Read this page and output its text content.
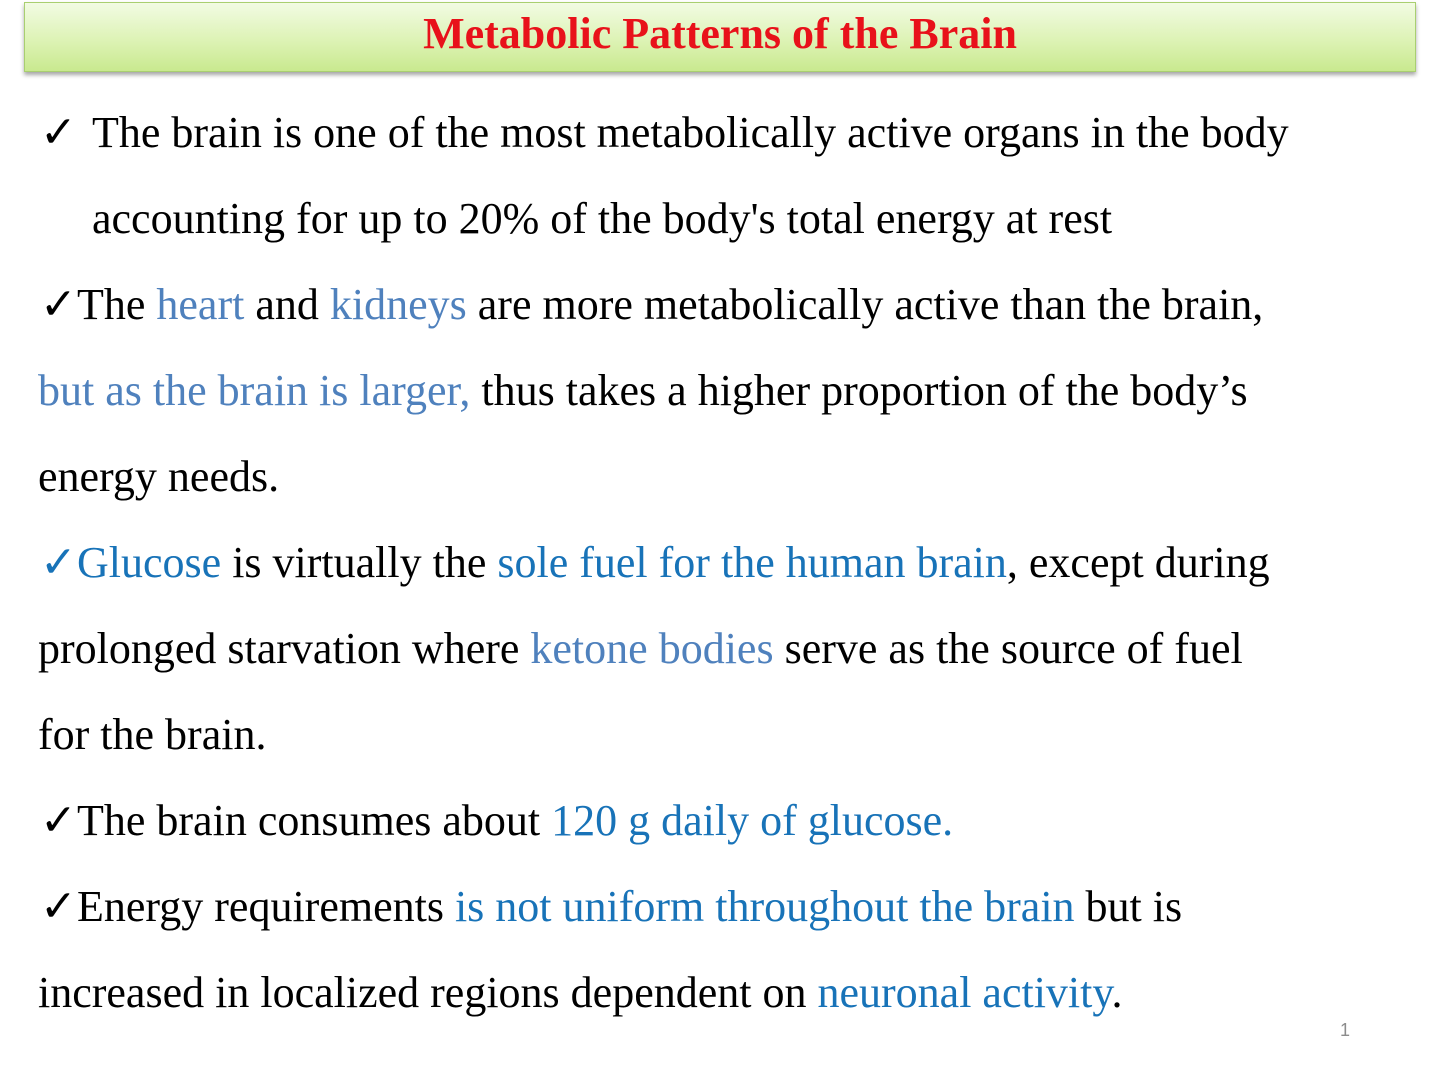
Metabolic Patterns of the Brain
✓ The brain is one of the most metabolically active organs in the body
accounting for up to 20% of the body's total energy at rest
✓The heart and kidneys are more metabolically active than the brain,
but as the brain is larger, thus takes a higher proportion of the body’s
energy needs.
✓Glucose is virtually the sole fuel for the human brain, except during
prolonged starvation where ketone bodies serve as the source of fuel
for the brain.
✓The brain consumes about 120 g daily of glucose.
✓Energy requirements is not uniform throughout the brain but is
increased in localized regions dependent on neuronal activity.
1
